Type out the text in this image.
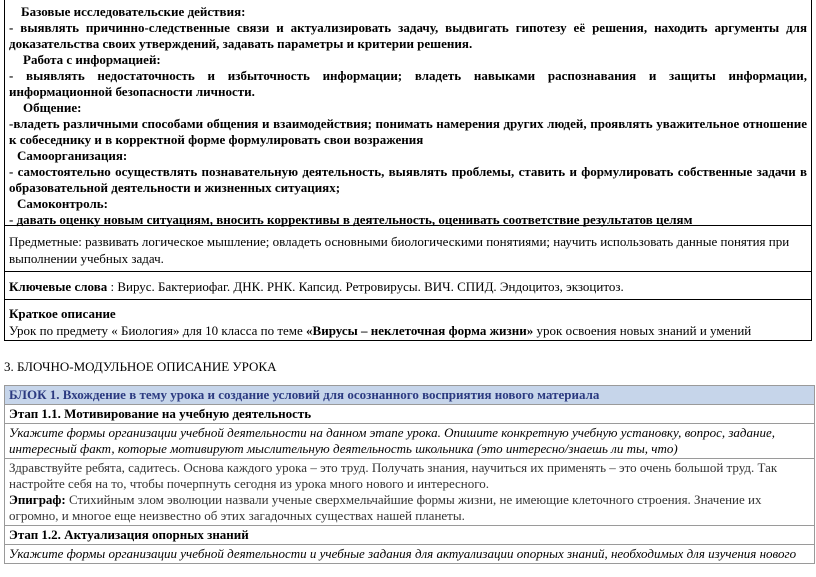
Базовые исследовательские действия:
- выявлять причинно-следственные связи и актуализировать задачу, выдвигать гипотезу её решения, находить аргументы для доказательства своих утверждений, задавать параметры и критерии решения.
Работа с информацией:
- выявлять недостаточность и избыточность информации; владеть навыками распознавания и защиты информации, информационной безопасности личности.
Общение:
-владеть различными способами общения и взаимодействия; понимать намерения других людей, проявлять уважительное отношение к собеседнику и в корректной форме формулировать свои возражения
Самоорганизация:
- самостоятельно осуществлять познавательную деятельность, выявлять проблемы, ставить и формулировать собственные задачи в образовательной деятельности и жизненных ситуациях;
Самоконтроль:
- давать оценку новым ситуациям, вносить коррективы в деятельность, оценивать соответствие результатов целям
Предметные: развивать логическое мышление; овладеть основными биологическими понятиями; научить использовать данные понятия при выполнении учебных задач.
Ключевые слова : Вирус. Бактериофаг. ДНК. РНК. Капсид. Ретровирусы. ВИЧ. СПИД. Эндоцитоз, экзоцитоз.
Краткое описание
Урок по предмету « Биология» для 10 класса по теме «Вирусы – неклеточная форма жизни» урок освоения новых знаний и умений
3. БЛОЧНО-МОДУЛЬНОЕ ОПИСАНИЕ УРОКА
БЛОК 1. Вхождение в тему урока и создание условий для осознанного восприятия нового материала
Этап 1.1. Мотивирование на учебную деятельность
Укажите формы организации учебной деятельности на данном этапе урока. Опишите конкретную учебную установку, вопрос, задание, интересный факт, которые мотивируют мыслительную деятельность школьника (это интересно/знаешь ли ты, что)

Здравствуйте ребята, садитесь. Основа каждого урока – это труд. Получать знания, научиться их применять – это очень большой труд. Так настройте себя на то, чтобы почерпнуть сегодня из урока много нового и интересного.
Эпиграф: Стихийным злом эволюции назвали ученые сверхмельчайшие формы жизни, не имеющие клеточного строения. Значение их огромно, и многое еще неизвестно об этих загадочных существах нашей планеты.

Этап 1.2. Актуализация опорных знаний
Укажите формы организации учебной деятельности и учебные задания для актуализации опорных знаний, необходимых для изучения нового
